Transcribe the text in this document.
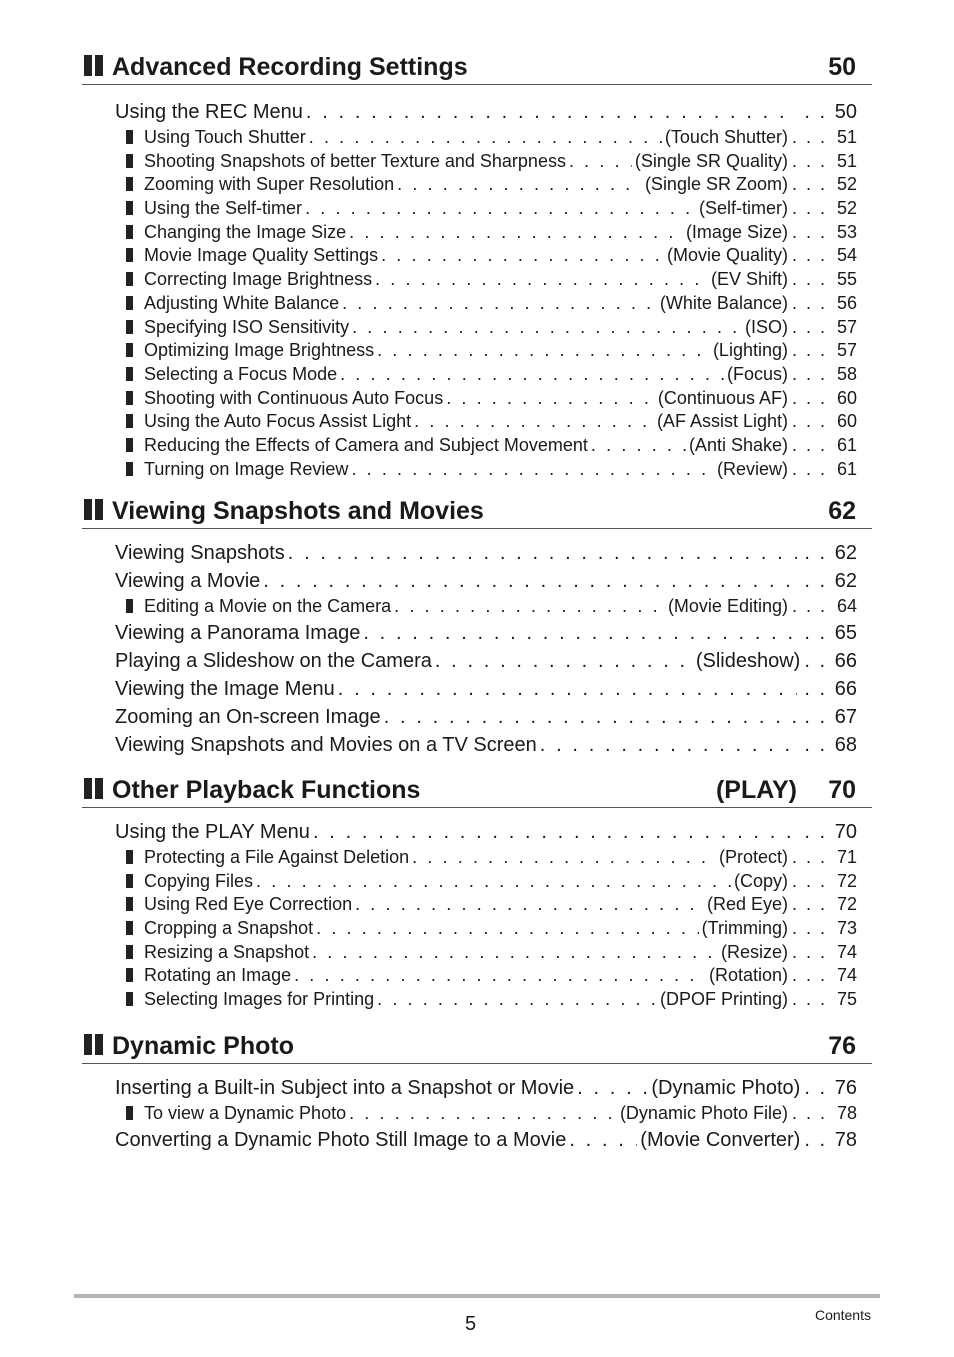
Advanced Recording Settings	50
Using the REC Menu . . .	. . 50
Using Touch Shutter . . .	(Touch Shutter) . . . 51
Shooting Snapshots of better Texture and Sharpness . . .	(Single SR Quality) . . . 51
Zooming with Super Resolution . . .	(Single SR Zoom) . . . 52
Using the Self-timer . . .	(Self-timer) . . . 52
Changing the Image Size . . .	(Image Size) . . . 53
Movie Image Quality Settings . . .	(Movie Quality) . . . 54
Correcting Image Brightness . . .	(EV Shift) . . . 55
Adjusting White Balance . . .	(White Balance) . . . 56
Specifying ISO Sensitivity . . .	(ISO) . . . 57
Optimizing Image Brightness . . .	(Lighting) . . . 57
Selecting a Focus Mode . . .	(Focus) . . . 58
Shooting with Continuous Auto Focus . . .	(Continuous AF) . . . 60
Using the Auto Focus Assist Light . . .	(AF Assist Light) . . . 60
Reducing the Effects of Camera and Subject Movement . . .	(Anti Shake) . . . 61
Turning on Image Review . . .	(Review) . . . 61
Viewing Snapshots and Movies	62
Viewing Snapshots . . .	. . 62
Viewing a Movie . . .	. . 62
Editing a Movie on the Camera . . .	(Movie Editing) . . . 64
Viewing a Panorama Image . . .	. . 65
Playing a Slideshow on the Camera . . .	(Slideshow) . . 66
Viewing the Image Menu . . .	. . 66
Zooming an On-screen Image . . .	. . 67
Viewing Snapshots and Movies on a TV Screen . . .	. . 68
Other Playback Functions	(PLAY) 70
Using the PLAY Menu . . .	. . 70
Protecting a File Against Deletion . . .	(Protect) . . . 71
Copying Files . . .	(Copy) . . . 72
Using Red Eye Correction . . .	(Red Eye) . . . 72
Cropping a Snapshot . . .	(Trimming) . . . 73
Resizing a Snapshot . . .	(Resize) . . . 74
Rotating an Image . . .	(Rotation) . . . 74
Selecting Images for Printing . . .	(DPOF Printing) . . . 75
Dynamic Photo	76
Inserting a Built-in Subject into a Snapshot or Movie . . .	(Dynamic Photo) . . 76
To view a Dynamic Photo . . .	(Dynamic Photo File) . . . 78
Converting a Dynamic Photo Still Image to a Movie . . .	(Movie Converter) . . 78
5	Contents
